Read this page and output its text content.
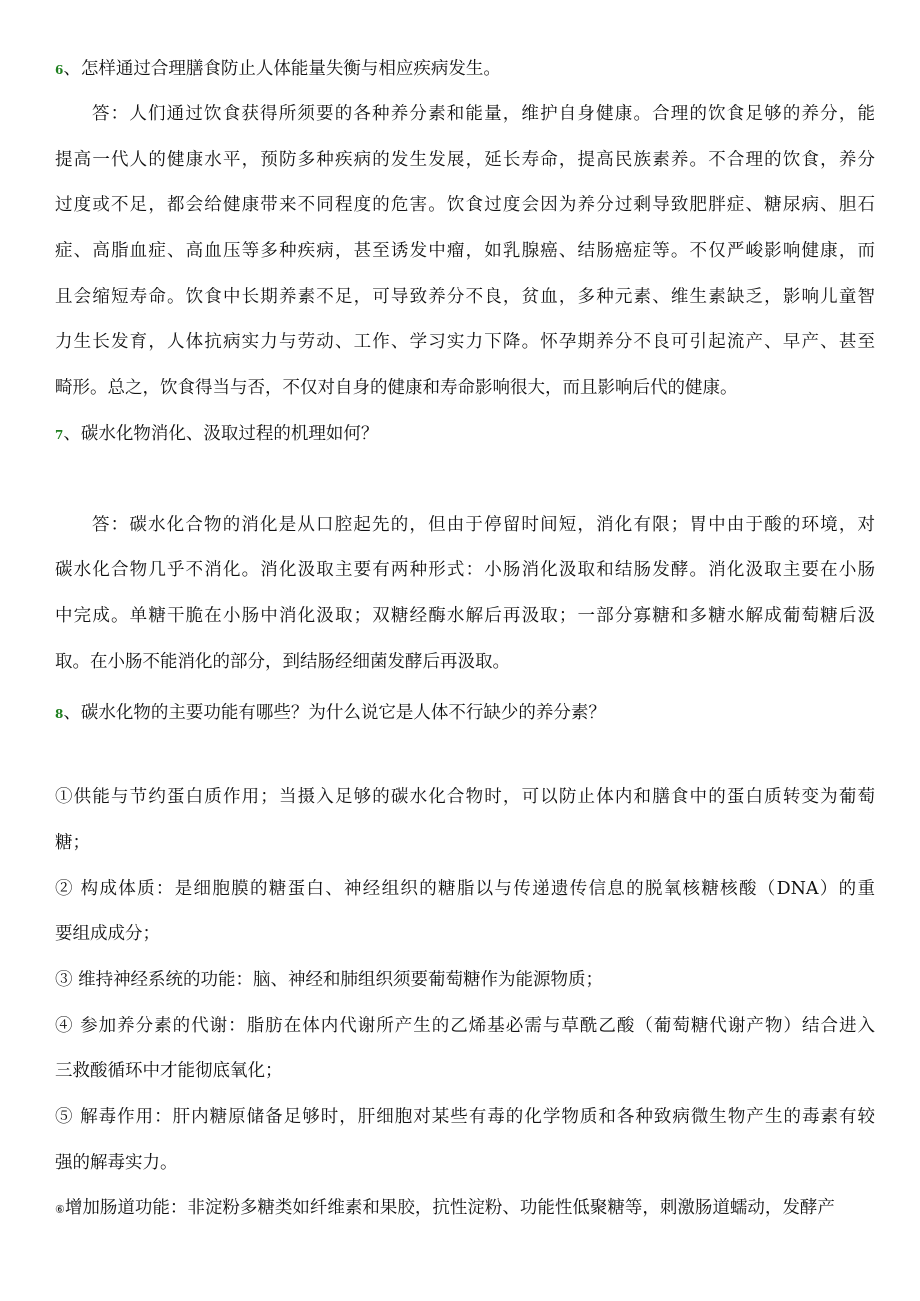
6、怎样通过合理膳食防止人体能量失衡与相应疾病发生。
答：人们通过饮食获得所须要的各种养分素和能量，维护自身健康。合理的饮食足够的养分，能
提高一代人的健康水平，预防多种疾病的发生发展，延长寿命，提高民族素养。不合理的饮食，养分
过度或不足，都会给健康带来不同程度的危害。饮食过度会因为养分过剩导致肥胖症、糖尿病、胆石
症、高脂血症、高血压等多种疾病，甚至诱发中瘤，如乳腺癌、结肠癌症等。不仅严峻影响健康，而
且会缩短寿命。饮食中长期养素不足，可导致养分不良，贫血，多种元素、维生素缺乏，影响儿童智
力生长发育，人体抗病实力与劳动、工作、学习实力下降。怀孕期养分不良可引起流产、早产、甚至
畸形。总之，饮食得当与否，不仅对自身的健康和寿命影响很大，而且影响后代的健康。
7、碳水化物消化、汲取过程的机理如何？
答：碳水化合物的消化是从口腔起先的，但由于停留时间短，消化有限；胃中由于酸的环境，对
碳水化合物几乎不消化。消化汲取主要有两种形式：小肠消化汲取和结肠发酵。消化汲取主要在小肠
中完成。单糖干脆在小肠中消化汲取；双糖经酶水解后再汲取；一部分寡糖和多糖水解成葡萄糖后汲
取。在小肠不能消化的部分，到结肠经细菌发酵后再汲取。
8、碳水化物的主要功能有哪些？为什么说它是人体不行缺少的养分素？
①供能与节约蛋白质作用；当摄入足够的碳水化合物时，可以防止体内和膳食中的蛋白质转变为葡萄
糖；
② 构成体质：是细胞膜的糖蛋白、神经组织的糖脂以与传递遗传信息的脱氧核糖核酸（DNA）的重
要组成成分；
③ 维持神经系统的功能：脑、神经和肺组织须要葡萄糖作为能源物质；
④ 参加养分素的代谢：脂肪在体内代谢所产生的乙烯基必需与草酰乙酸（葡萄糖代谢产物）结合进入
三救酸循环中才能彻底氧化；
⑤ 解毒作用：肝内糖原储备足够时，肝细胞对某些有毒的化学物质和各种致病微生物产生的毒素有较
强的解毒实力。
⑥增加肠道功能：非淀粉多糖类如纤维素和果胶，抗性淀粉、功能性低聚糖等，刺激肠道蠕动，发酵产
